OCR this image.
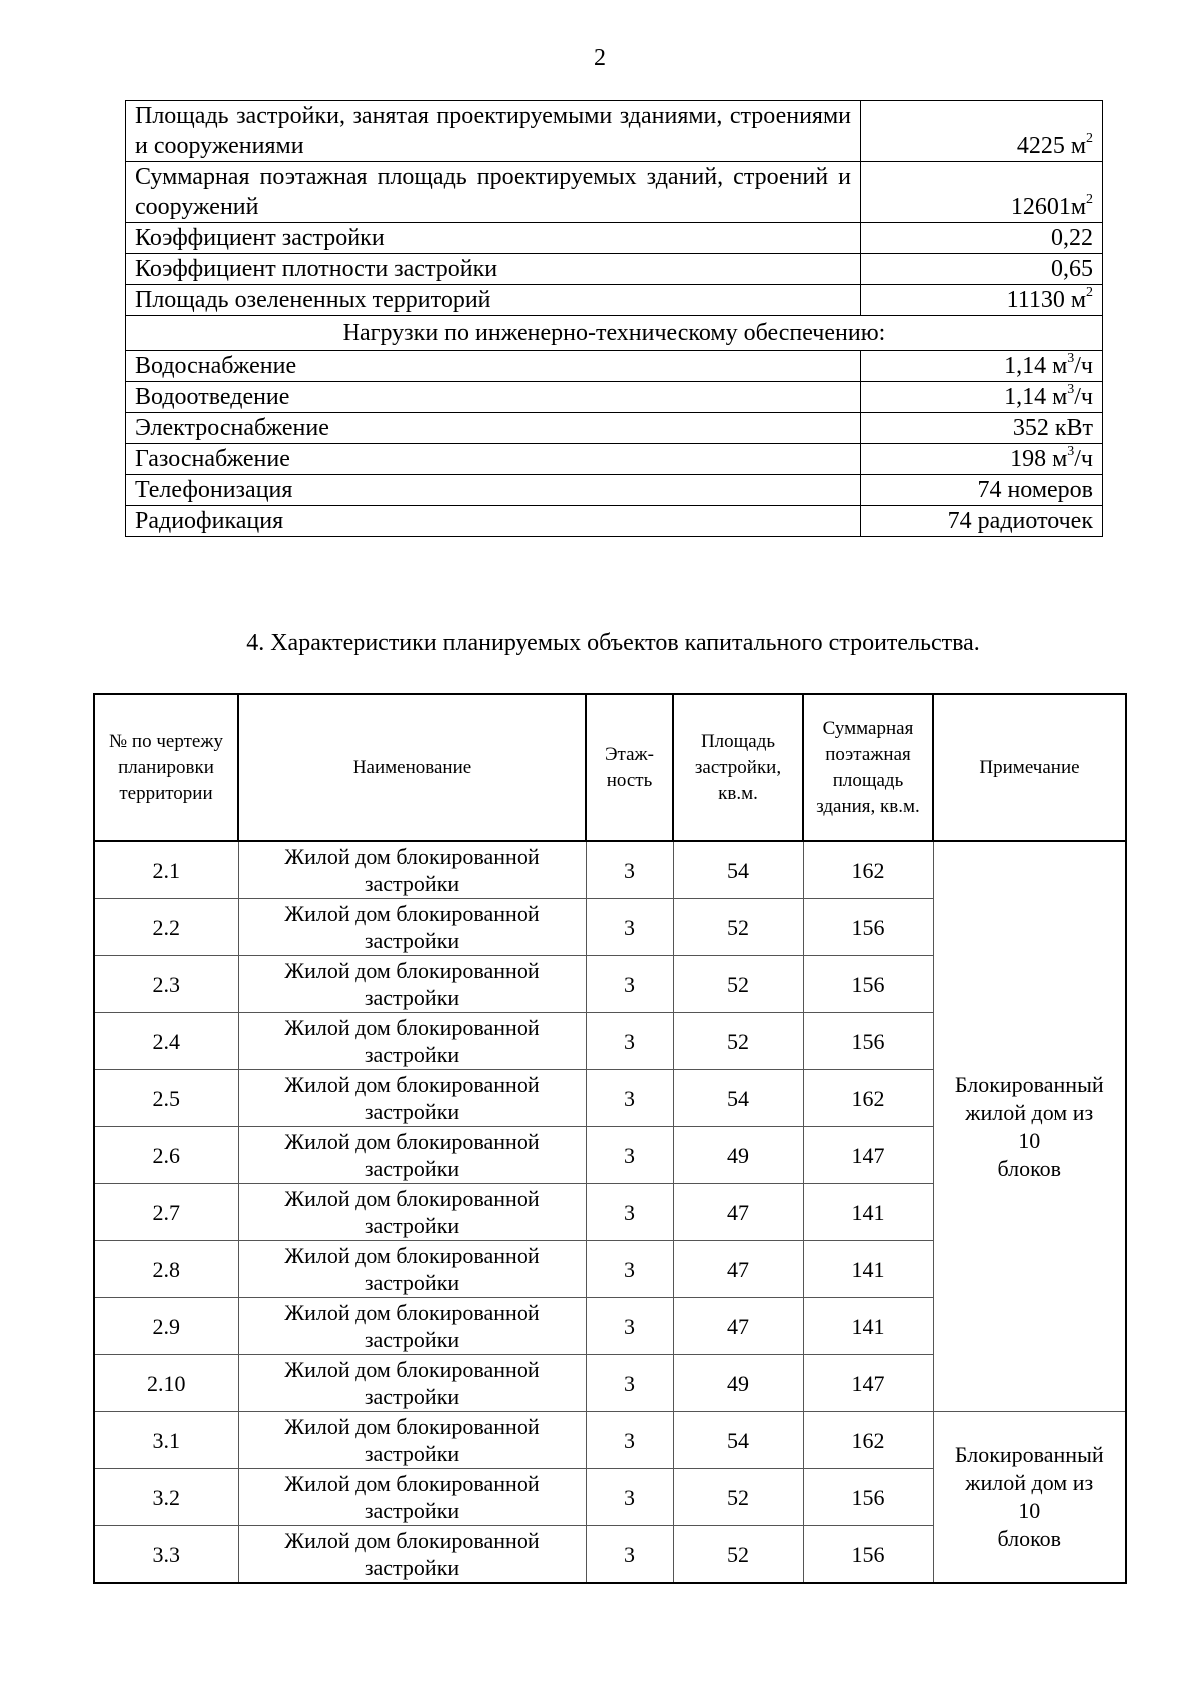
2
Площадь застройки, занятая проектируемыми зданиями, строениями и сооружениями	4225 $м^2$
Суммарная поэтажная площадь проектируемых зданий, строений и сооружений	$12601м^2$
Коэффициент застройки	0,22
Коэффициент плотности застройки	0,65
Площадь озелененных территорий	11130 $м^2$
Нагрузки по инженерно-техническому обеспечению:	
Водоснабжение	1,14 $м^3/ч$
Водоотведение	1,14 $м^3/ч$
Электроснабжение	352 кВт
Газоснабжение	198 $м^3/ч$
Телефонизация	74 номеров
Радиофикация	74 радиоточек
4. Характеристики планируемых объектов капитального строительства.
№ по чертежу планировки территории	Наименование	Этаж-ность	Площадь застройки, кв.м.	Суммарная поэтажная площадь здания, кв.м.	Примечание
2.1	Жилой дом блокированной застройки	3	54	162	Блокированный
жилой дом из
10
блоков

2.2	Жилой дом блокированной застройки	3	52	156	
2.3	Жилой дом блокированной застройки	3	52	156	
2.4	Жилой дом блокированной застройки	3	52	156	
2.5	Жилой дом блокированной застройки	3	54	162	
2.6	Жилой дом блокированной застройки	3	49	147	
2.7	Жилой дом блокированной застройки	3	47	141	
2.8	Жилой дом блокированной застройки	3	47	141	
2.9	Жилой дом блокированной застройки	3	47	141	
2.10	Жилой дом блокированной застройки	3	49	147	
3.1	Жилой дом блокированной застройки	3	54	162	Блокированный
жилой дом из
10
блоков

3.2	Жилой дом блокированной застройки	3	52	156	
3.3	Жилой дом блокированной застройки	3	52	156	
